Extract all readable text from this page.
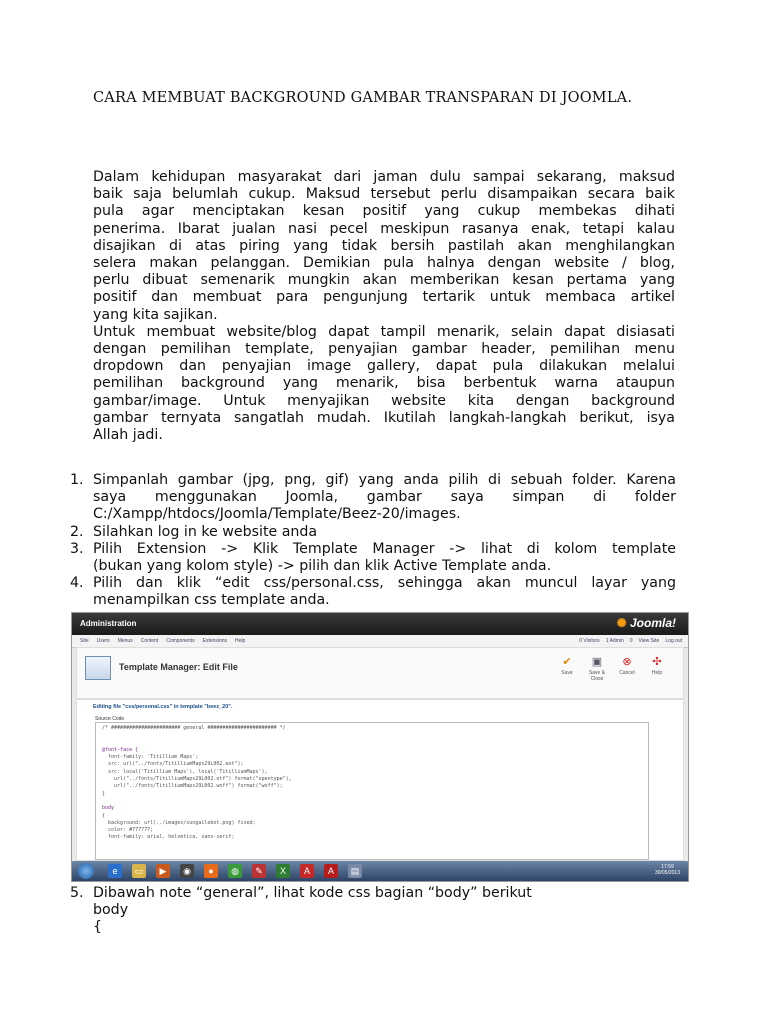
CARA MEMBUAT BACKGROUND GAMBAR TRANSPARAN DI JOOMLA.
Dalam kehidupan masyarakat dari jaman dulu sampai sekarang, maksud
baik saja belumlah cukup. Maksud tersebut perlu disampaikan secara baik
pula agar menciptakan kesan positif yang cukup membekas dihati
penerima. Ibarat jualan nasi pecel meskipun rasanya enak, tetapi kalau
disajikan di atas piring yang tidak bersih pastilah akan menghilangkan
selera makan pelanggan. Demikian pula halnya dengan website / blog,
perlu dibuat semenarik mungkin akan memberikan kesan pertama yang
positif dan membuat para pengunjung tertarik untuk membaca artikel
yang kita sajikan.
Untuk membuat website/blog dapat tampil menarik, selain dapat disiasati
dengan pemilihan template, penyajian gambar header, pemilihan menu
dropdown dan penyajian image gallery, dapat pula dilakukan melalui
pemilihan background yang menarik, bisa berbentuk warna ataupun
gambar/image. Untuk menyajikan website kita dengan background
gambar ternyata sangatlah mudah. Ikutilah langkah-langkah berikut, isya
Allah jadi.
1. Simpanlah gambar (jpg, png, gif) yang anda pilih di sebuah folder. Karena
saya menggunakan Joomla, gambar saya simpan di folder
C:/Xampp/htdocs/Joomla/Template/Beez-20/images.
2. Silahkan log in ke website anda
3. Pilih Extension -> Klik Template Manager -> lihat di kolom template
(bukan yang kolom style) -> pilih dan klik Active Template anda.
4. Pilih dan klik “edit css/personal.css, sehingga akan muncul layar yang
menampilkan css template anda.
Administration	✺ Joomla!
Site Users Menus Content Components Extensions Help	0 Visitors 1 Admin 0 View Site Log out
Template Manager: Edit File	✔
Save
▣
Save & Close
⊗
Cancel
✣
Help
Editing file "css/personal.css" in template "beez_20".
Source Code
/* ####################### general ####################### */
@font-face {
font-family: 'Titillium Maps';
src: url("../fonts/TitilliumMaps29L002.eot");
src: local('Titillium Maps'), local('TitilliumMaps'),
url("../fonts/TitilliumMaps29L002.otf") format("opentype"),
url("../fonts/TitilliumMaps29L002.woff") format("woff");
}
body
{
background: url(../images/sungailebot.png) fixed;
color: #777777;
font-family: arial, helvetica, sans-serif;
e	▭	▶	◉	●	◍	✎	X	A	A	▤	17:59
30/05/2013
5. Dibawah note “general”, lihat kode css bagian “body” berikut
body
{
